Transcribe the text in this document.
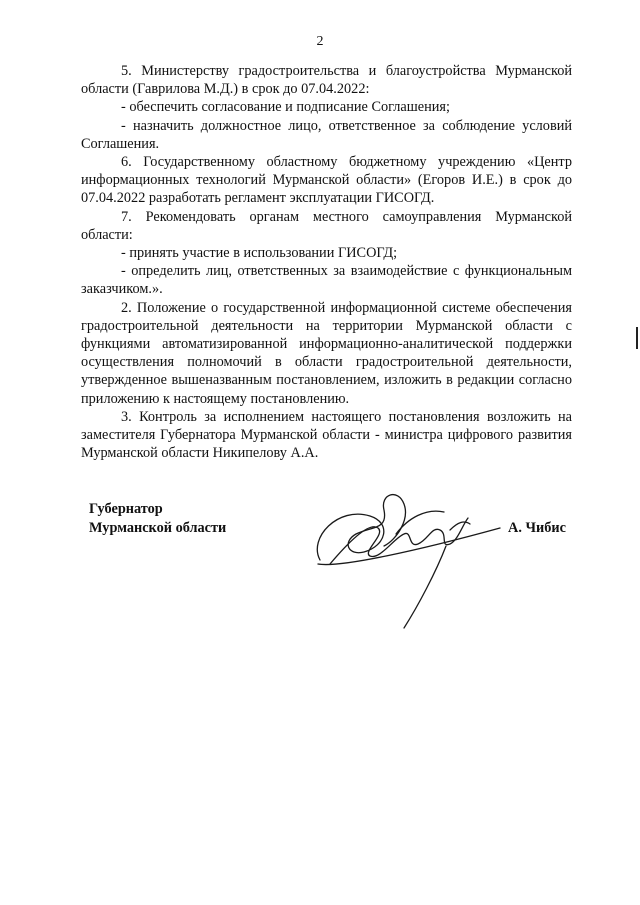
2

5. Министерству градостроительства и благоустройства Мурманской области (Гаврилова М.Д.) в срок до 07.04.2022:

- обеспечить согласование и подписание Соглашения;

- назначить должностное лицо, ответственное за соблюдение условий Соглашения.

6. Государственному областному бюджетному учреждению «Центр информационных технологий Мурманской области» (Егоров И.Е.) в срок до 07.04.2022 разработать регламент эксплуатации ГИСОГД.

7. Рекомендовать органам местного самоуправления Мурманской области:

- принять участие в использовании ГИСОГД;

- определить лиц, ответственных за взаимодействие с функциональным заказчиком.».

2. Положение о государственной информационной системе обеспечения градостроительной деятельности на территории Мурманской области с функциями автоматизированной информационно-аналитической поддержки осуществления полномочий в области градостроительной деятельности, утвержденное вышеназванным постановлением, изложить в редакции согласно приложению к настоящему постановлению.

3. Контроль за исполнением настоящего постановления возложить на заместителя Губернатора Мурманской области - министра цифрового развития Мурманской области Никипелову А.А.

Губернатор
Мурманской области	А. Чибис
